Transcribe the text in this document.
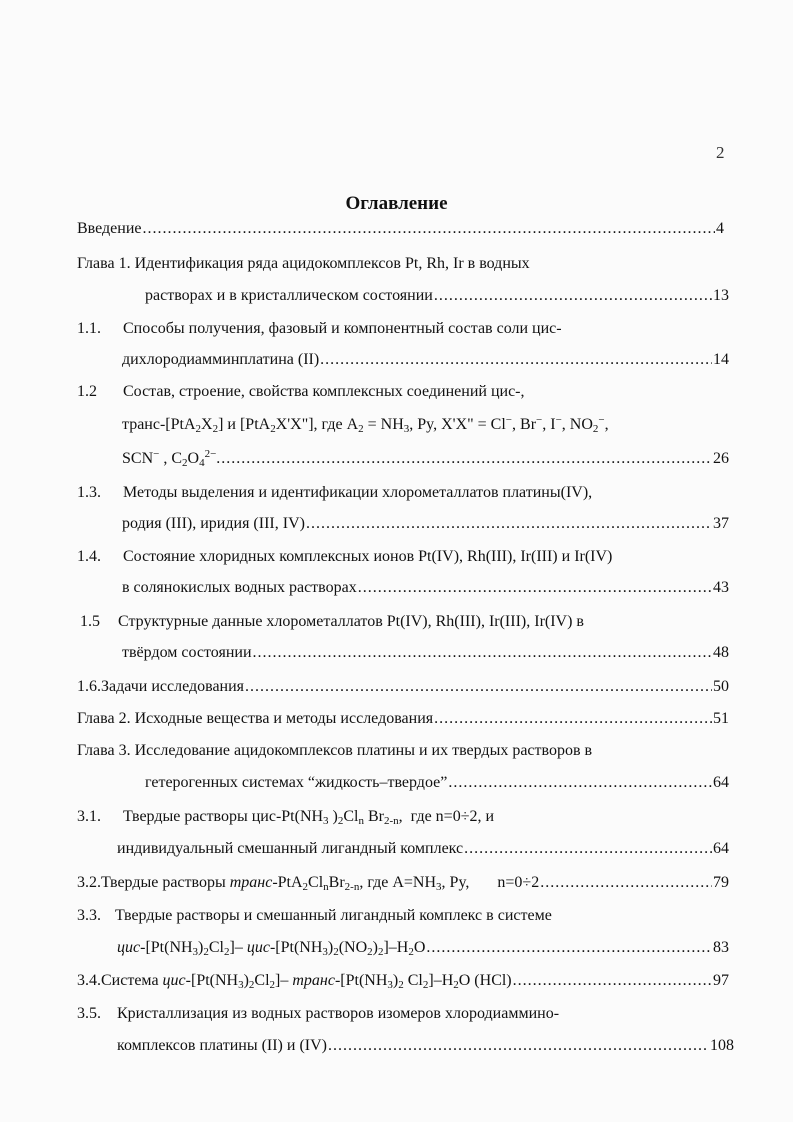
2
Оглавление
Введение .....	4
Глава 1. Идентификация ряда ацидокомплексов Pt, Rh, Ir в водных
растворах и в кристаллическом состоянии .....	13
1.1.	Способы получения, фазовый и компонентный состав соли цис-
дихлородиамминплатина (II) .....	14
1.2	Состав, строение, свойства комплексных соединений цис-,
транс-$[PtA_2X_2]$ и [PtA$_2$X'X"], где $A_2 = NH_3$, Py, X'X" = Cl−, Br−, I−, $NO_2^-$,
SCN− , $C_2O_4^{2-}$. .....	26
1.3.	Методы выделения и идентификации хлорометаллатов платины(IV),
родия (III), иридия (III, IV) .....	37
1.4.	Состояние хлоридных комплексных ионов Pt(IV), Rh(III), Ir(III) и Ir(IV)
в солянокислых водных растворах .....	43
1.5	Структурные данные хлорометаллатов Pt(IV), Rh(III), Ir(III), Ir(IV) в
твёрдом состоянии .....	48
1.6. Задачи исследования .....	50
Глава 2. Исходные вещества и методы исследования .....	51
Глава 3. Исследование ацидокомплексов платины и их твердых растворов в
гетерогенных системах “жидкость–твердое” .....	64
3.1.	Твердые растворы цис-$Pt(NH_3$ )$_2Cl_n$ $Br_{2-n}$,  где n=0÷2, и
индивидуальный смешанный лигандный комплекс .....	64
3.2. Твердые растворы транс-$PtA_2Cl_nBr_{2-n}$, где $A=NH_3$, Py,       n=0÷2 .....	79
3.3. Твердые растворы и смешанный лигандный комплекс в системе
цис-$[Pt(NH_3)_2Cl_2]-$ цис-$[Pt(NH_3)_2(NO_2)_2]-H_2O$ .....	83
3.4. Система цис-$[Pt(NH_3)_2Cl_2]-$ транс-[$Pt(NH_3)_2$ $Cl_2]-H_2O$ (HCl) .....	97
3.5.	Кристаллизация из водных растворов изомеров хлородиаммино-
комплексов платины (II) и (IV) .....	108
